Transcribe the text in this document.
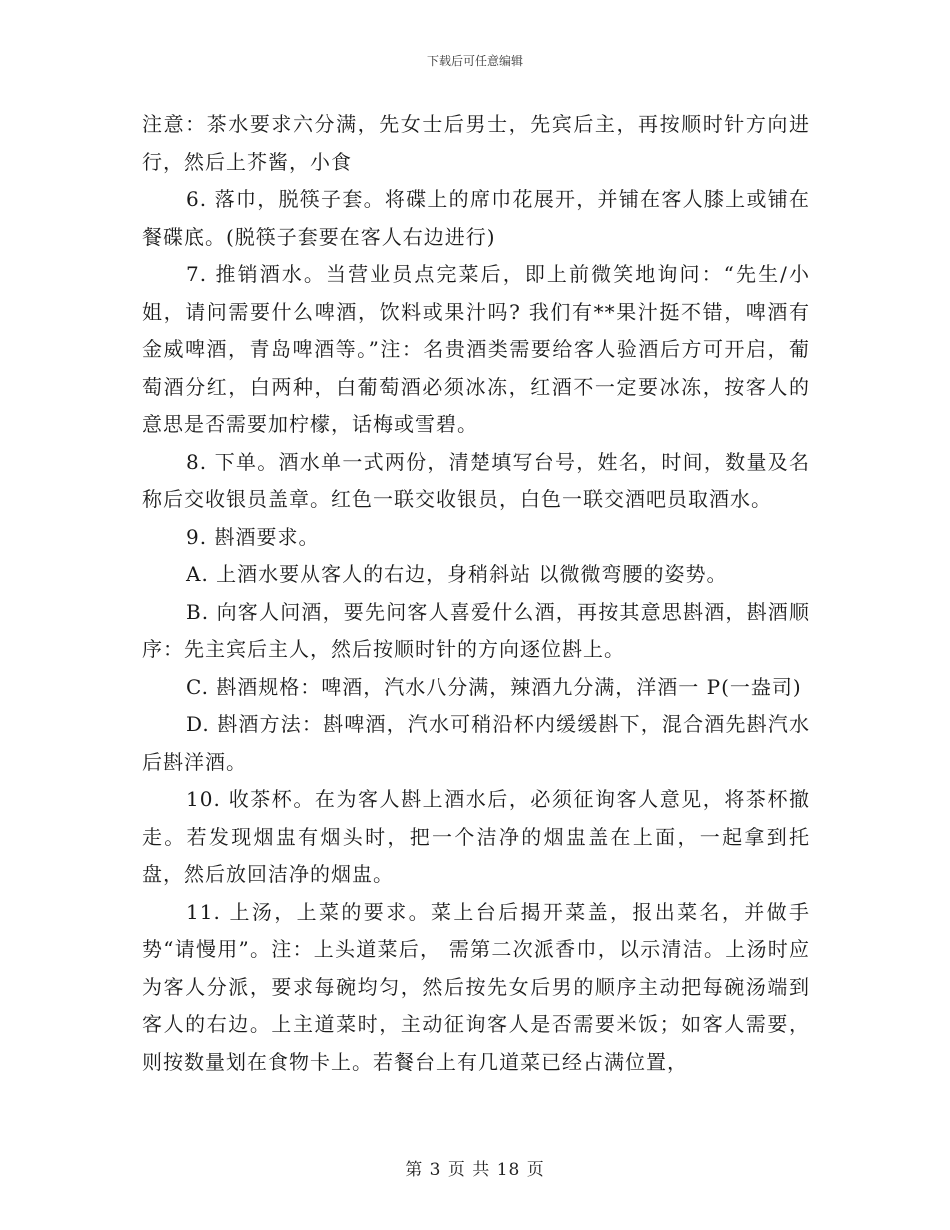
下载后可任意编辑

注意：茶水要求六分满，先女士后男士，先宾后主，再按顺时针方向进行，然后上芥酱，小食

6. 落巾，脱筷子套。将碟上的席巾花展开，并铺在客人膝上或铺在餐碟底。(脱筷子套要在客人右边进行)

7. 推销酒水。当营业员点完菜后，即上前微笑地询问：“先生/小姐，请问需要什么啤酒，饮料或果汁吗? 我们有**果汁挺不错，啤酒有金威啤酒，青岛啤酒等。”注：名贵酒类需要给客人验酒后方可开启，葡萄酒分红，白两种，白葡萄酒必须冰冻，红酒不一定要冰冻，按客人的意思是否需要加柠檬，话梅或雪碧。

8. 下单。酒水单一式两份，清楚填写台号，姓名，时间，数量及名称后交收银员盖章。红色一联交收银员，白色一联交酒吧员取酒水。

9. 斟酒要求。

A. 上酒水要从客人的右边，身稍斜站 以微微弯腰的姿势。

B. 向客人问酒，要先问客人喜爱什么酒，再按其意思斟酒，斟酒顺序：先主宾后主人，然后按顺时针的方向逐位斟上。

C. 斟酒规格：啤酒，汽水八分满，辣酒九分满，洋酒一 P(一盎司)

D. 斟酒方法：斟啤酒，汽水可稍沿杯内缓缓斟下，混合酒先斟汽水后斟洋酒。

10. 收茶杯。在为客人斟上酒水后，必须征询客人意见，将茶杯撤走。若发现烟盅有烟头时，把一个洁净的烟盅盖在上面，一起拿到托盘，然后放回洁净的烟盅。

11. 上汤，上菜的要求。菜上台后揭开菜盖，报出菜名，并做手势“请慢用”。注：上头道菜后， 需第二次派香巾，以示清洁。上汤时应为客人分派，要求每碗均匀，然后按先女后男的顺序主动把每碗汤端到客人的右边。上主道菜时，主动征询客人是否需要米饭；如客人需要，则按数量划在食物卡上。若餐台上有几道菜已经占满位置，

第 3 页 共 18 页
